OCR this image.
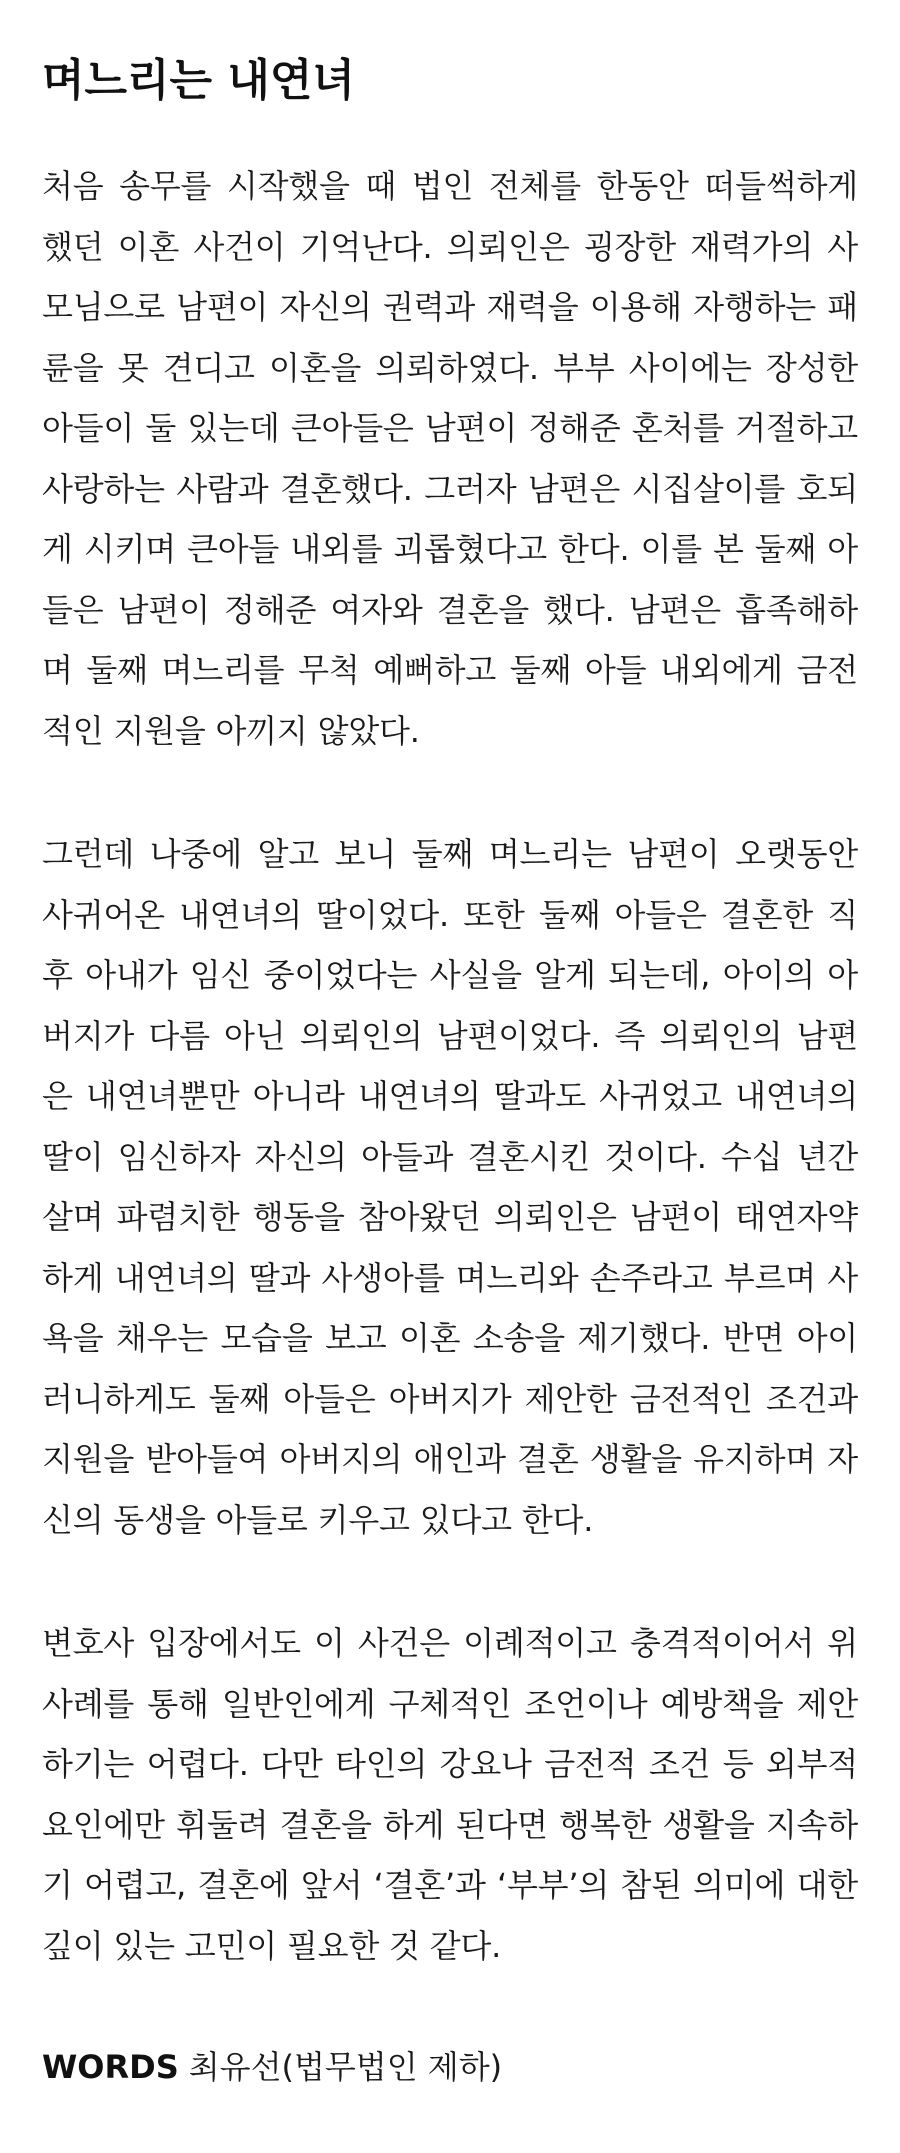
며느리는 내연녀

처음 송무를 시작했을 때 법인 전체를 한동안 떠들썩하게 했던 이혼 사건이 기억난다. 의뢰인은 굉장한 재력가의 사모님으로 남편이 자신의 권력과 재력을 이용해 자행하는 패륜을 못 견디고 이혼을 의뢰하였다. 부부 사이에는 장성한 아들이 둘 있는데 큰아들은 남편이 정해준 혼처를 거절하고 사랑하는 사람과 결혼했다. 그러자 남편은 시집살이를 호되게 시키며 큰아들 내외를 괴롭혔다고 한다. 이를 본 둘째 아들은 남편이 정해준 여자와 결혼을 했다. 남편은 흡족해하며 둘째 며느리를 무척 예뻐하고 둘째 아들 내외에게 금전적인 지원을 아끼지 않았다.

그런데 나중에 알고 보니 둘째 며느리는 남편이 오랫동안 사귀어온 내연녀의 딸이었다. 또한 둘째 아들은 결혼한 직후 아내가 임신 중이었다는 사실을 알게 되는데, 아이의 아버지가 다름 아닌 의뢰인의 남편이었다. 즉 의뢰인의 남편은 내연녀뿐만 아니라 내연녀의 딸과도 사귀었고 내연녀의 딸이 임신하자 자신의 아들과 결혼시킨 것이다. 수십 년간 살며 파렴치한 행동을 참아왔던 의뢰인은 남편이 태연자약하게 내연녀의 딸과 사생아를 며느리와 손주라고 부르며 사욕을 채우는 모습을 보고 이혼 소송을 제기했다. 반면 아이러니하게도 둘째 아들은 아버지가 제안한 금전적인 조건과 지원을 받아들여 아버지의 애인과 결혼 생활을 유지하며 자신의 동생을 아들로 키우고 있다고 한다.

변호사 입장에서도 이 사건은 이례적이고 충격적이어서 위 사례를 통해 일반인에게 구체적인 조언이나 예방책을 제안하기는 어렵다. 다만 타인의 강요나 금전적 조건 등 외부적 요인에만 휘둘려 결혼을 하게 된다면 행복한 생활을 지속하기 어렵고, 결혼에 앞서 ‘결혼’과 ‘부부’의 참된 의미에 대한 깊이 있는 고민이 필요한 것 같다.

WORDS 최유선(법무법인 제하)
